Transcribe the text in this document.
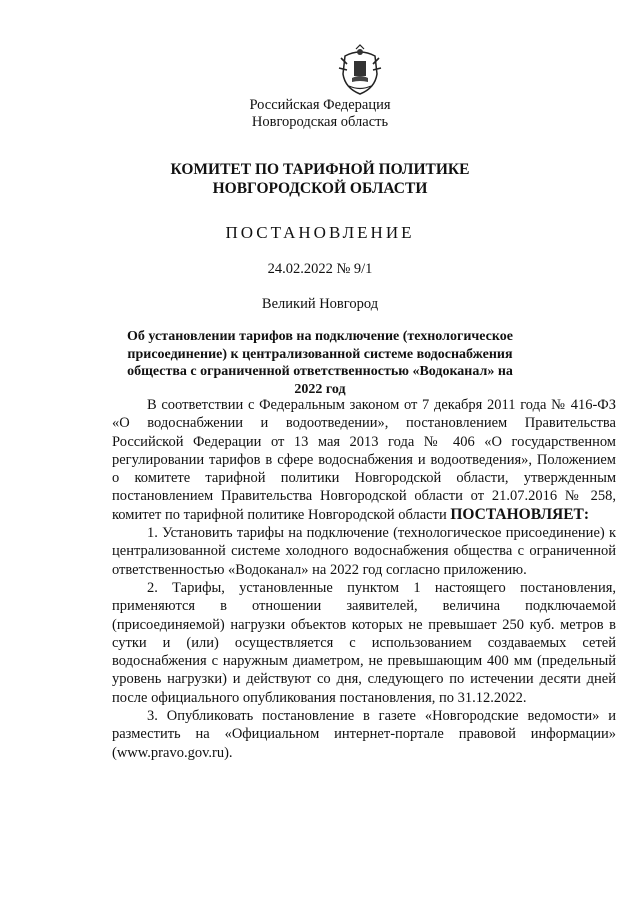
Российская Федерация
Новгородская область
КОМИТЕТ ПО ТАРИФНОЙ ПОЛИТИКЕ НОВГОРОДСКОЙ ОБЛАСТИ
ПОСТАНОВЛЕНИЕ
24.02.2022 № 9/1
Великий Новгород
Об установлении тарифов на подключение (технологическое присоединение) к централизованной системе водоснабжения общества с ограниченной ответственностью «Водоканал» на 2022 год

В соответствии с Федеральным законом от 7 декабря 2011 года № 416-ФЗ «О водоснабжении и водоотведении», постановлением Правительства Российской Федерации от 13 мая 2013 года № 406 «О государственном регулировании тарифов в сфере водоснабжения и водоотведения», Положением о комитете тарифной политики Новгородской области, утвержденным постановлением Правительства Новгородской области от 21.07.2016 № 258, комитет по тарифной политике Новгородской области ПОСТАНОВЛЯЕТ:

1. Установить тарифы на подключение (технологическое присоединение) к централизованной системе холодного водоснабжения общества с ограниченной ответственностью «Водоканал» на 2022 год согласно приложению.

2. Тарифы, установленные пунктом 1 настоящего постановления, применяются в отношении заявителей, величина подключаемой (присоединяемой) нагрузки объектов которых не превышает 250 куб. метров в сутки и (или) осуществляется с использованием создаваемых сетей водоснабжения с наружным диаметром, не превышающим 400 мм (предельный уровень нагрузки) и действуют со дня, следующего по истечении десяти дней после официального опубликования постановления, по 31.12.2022.

3. Опубликовать постановление в газете «Новгородские ведомости» и разместить на «Официальном интернет-портале правовой информации» (www.pravo.gov.ru).
